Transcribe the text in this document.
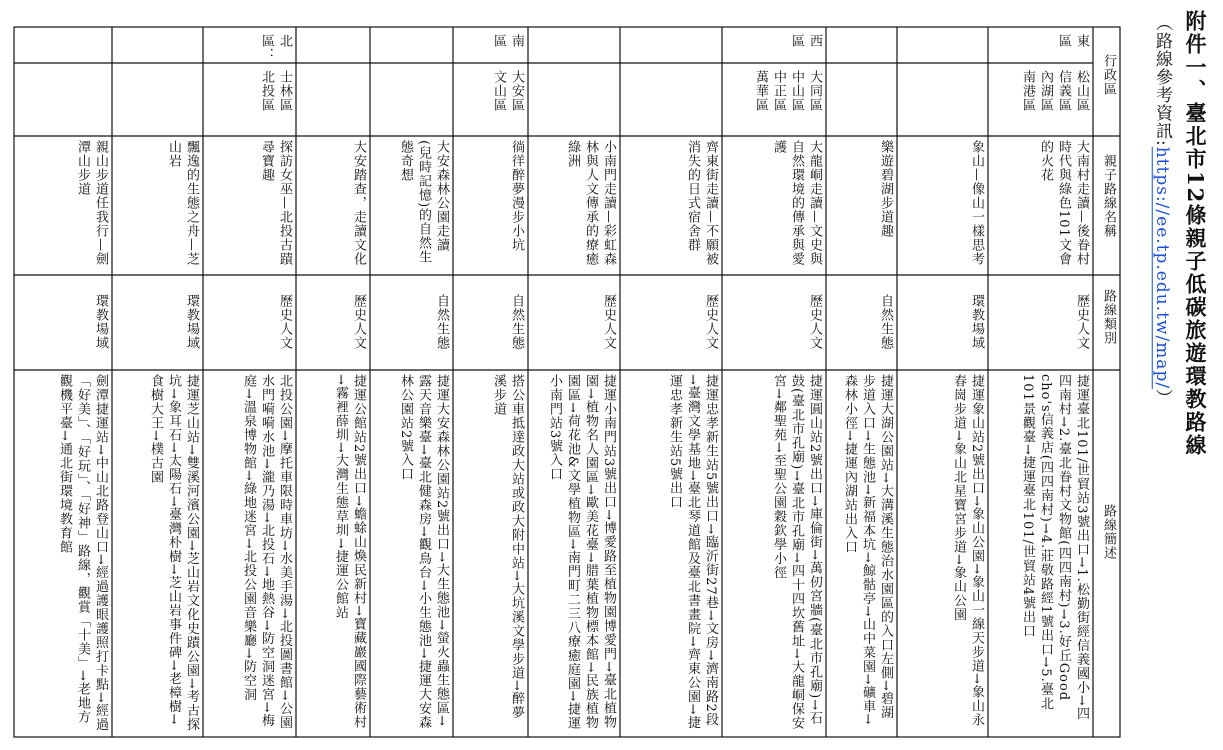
附件一、臺北市12條親子低碳旅遊環教路線
（路線參考資訊:https://ee.tp.edu.tw/map/）
行政區
親子路線名稱
路線類別
路線簡述
東區
松山區
信義區
內湖區
南港區
西區
大同區
中山區
中正區
萬華區
南區
大安區
文山區
北區：
士林區
北投區
大南村走讀—後眷村時代與綠色101文會的火花
歷史人文
捷運臺北101/世貿站3號出口→1.松勤街經信義國小→四四南村→2.臺北眷村文物館(四四南村)→3.好丘Good cho's信義店(四四南村)→4.莊敬路經1號出口→5.臺北101景觀臺→捷運臺北101/世貿站4號出口
象山—像山一樣思考
環教場域
捷運象山站2號出口→象山公園→象山一線天步道→象山永春崗步道→象山北星寶宮步道→象山公園
樂遊碧湖步道趣
自然生態
捷運大湖公園站→大溝溪生態治水園區的入口左側→碧湖步道入口→生態池→新福本坑→鯨骷亭→山中菜園→礦車→森林小徑→捷運內湖站出入口
大龍峒走讀—文史與自然環境的傳承與愛護
歷史人文
捷運圓山站2號出口→庫倫街→萬仞宮牆(臺北市孔廟)→石鼓(臺北市孔廟)→臺北市孔廟→四十四坎舊址→大龍峒保安宮→鄰聖苑→至聖公園穀欽學小徑
齊東街走讀—不願被消失的日式宿舍群
歷史人文
捷運忠孝新生站5號出口→臨沂街27巷→文房→濟南路2段→臺灣文學基地→臺北琴道館及臺北書畫院→齊東公園→捷運忠孝新生站5號出口
小南門走讀—彩虹森林與人文傳承的療癒綠洲
歷史人文
捷運小南門站3號出口→博愛路至植物園博愛門→臺北植物園→植物名人園區→歐美花臺→腊葉植物標本館→民族植物園區→荷花池&文學植物區→南門町二三八療癒庭園→捷運小南門站3號入口
徜徉醉夢漫步小坑
自然生態
搭公車抵達政大站或政大附中站→大坑溪文學步道→醉夢溪步道
大安森林公園走讀(兒時記憶)的自然生態奇想
自然生態
捷運大安森林公園站2號出口→大生態池→螢火蟲生態區→露天音樂臺→臺北健森房→觀鳥台→小生態池→捷運大安森林公園站2號入口
大安踏查，走讀文化
歷史人文
捷運公館站2號出口→蟾蜍山煥民新村→寶藏巖國際藝術村→霧裡薛圳→大灣生態草圳→捷運公館站
探訪女巫—北投古蹟尋寶趣
歷史人文
北投公園→摩托車限時車坊→水美手湯→北投圖書館→公園水門嗬嗬水池→瀧乃湯→北投石→地熱谷→防空洞迷宮→梅庭→溫泉博物館→綠地迷宮→北投公園音樂廳→防空洞
飄逸的生態之舟—芝山岩
環教場域
捷運芝山站→雙溪河濱公園→芝山岩文化史蹟公園→考古探坑→象耳石→太陽石→臺灣朴樹→芝山岩事件碑→老樟樹→食樹大王→樸古園
親山步道任我行—劍潭山步道
環教場域
劍潭捷運站→中山北路登山口→經過護眼護照打卡點→經過「好美」、「好玩」、「好神」路線，觀賞「十美」→老地方觀機平臺→通北街環境教育館
